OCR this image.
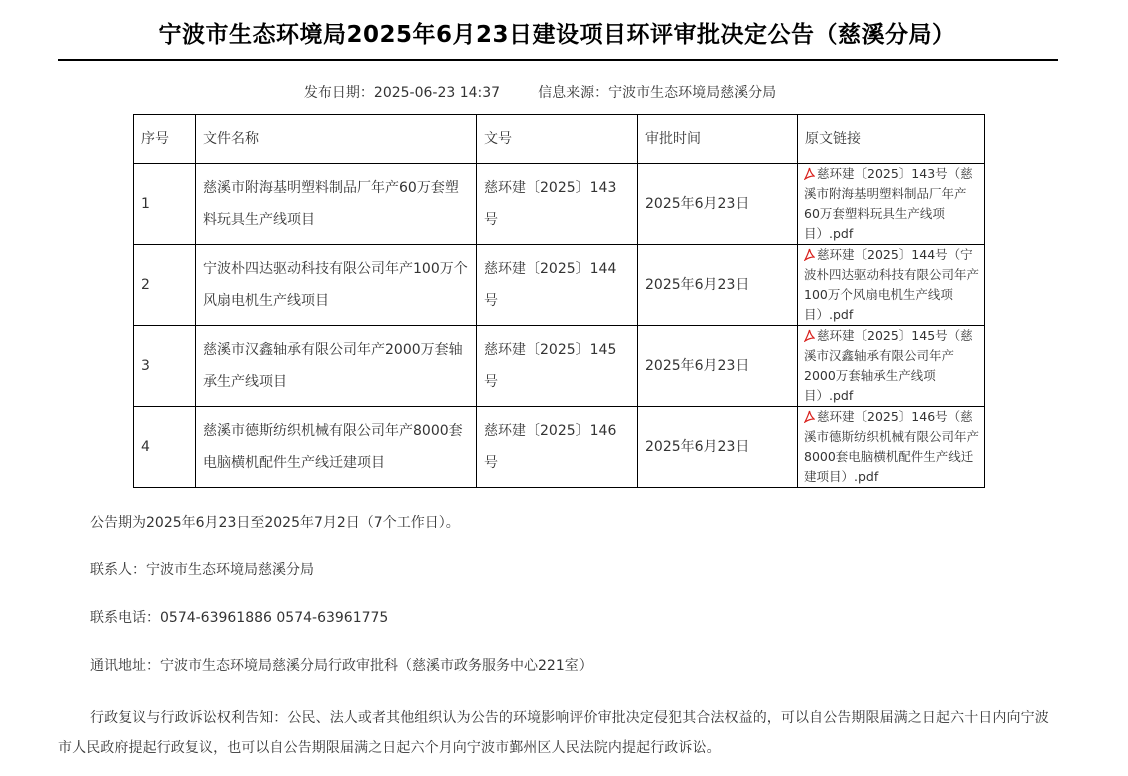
宁波市生态环境局2025年6月23日建设项目环评审批决定公告（慈溪分局）
发布日期：2025-06-23 14:37	信息来源：宁波市生态环境局慈溪分局
序号	文件名称	文号	审批时间	原文链接
1	慈溪市附海基明塑料制品厂年产60万套塑料玩具生产线项目	慈环建〔2025〕143号	2025年6月23日	慈环建〔2025〕143号（慈溪市附海基明塑料制品厂年产60万套塑料玩具生产线项目）.pdf
2	宁波朴四达驱动科技有限公司年产100万个风扇电机生产线项目	慈环建〔2025〕144号	2025年6月23日	慈环建〔2025〕144号（宁波朴四达驱动科技有限公司年产100万个风扇电机生产线项目）.pdf
3	慈溪市汉鑫轴承有限公司年产2000万套轴承生产线项目	慈环建〔2025〕145号	2025年6月23日	慈环建〔2025〕145号（慈溪市汉鑫轴承有限公司年产2000万套轴承生产线项目）.pdf
4	慈溪市德斯纺织机械有限公司年产8000套电脑横机配件生产线迁建项目	慈环建〔2025〕146号	2025年6月23日	慈环建〔2025〕146号（慈溪市德斯纺织机械有限公司年产8000套电脑横机配件生产线迁建项目）.pdf

公告期为2025年6月23日至2025年7月2日（7个工作日）。

联系人：宁波市生态环境局慈溪分局

联系电话：0574-63961886 0574-63961775

通讯地址：宁波市生态环境局慈溪分局行政审批科（慈溪市政务服务中心221室）

行政复议与行政诉讼权利告知：公民、法人或者其他组织认为公告的环境影响评价审批决定侵犯其合法权益的，可以自公告期限届满之日起六十日内向宁波市人民政府提起行政复议，也可以自公告期限届满之日起六个月向宁波市鄞州区人民法院内提起行政诉讼。
